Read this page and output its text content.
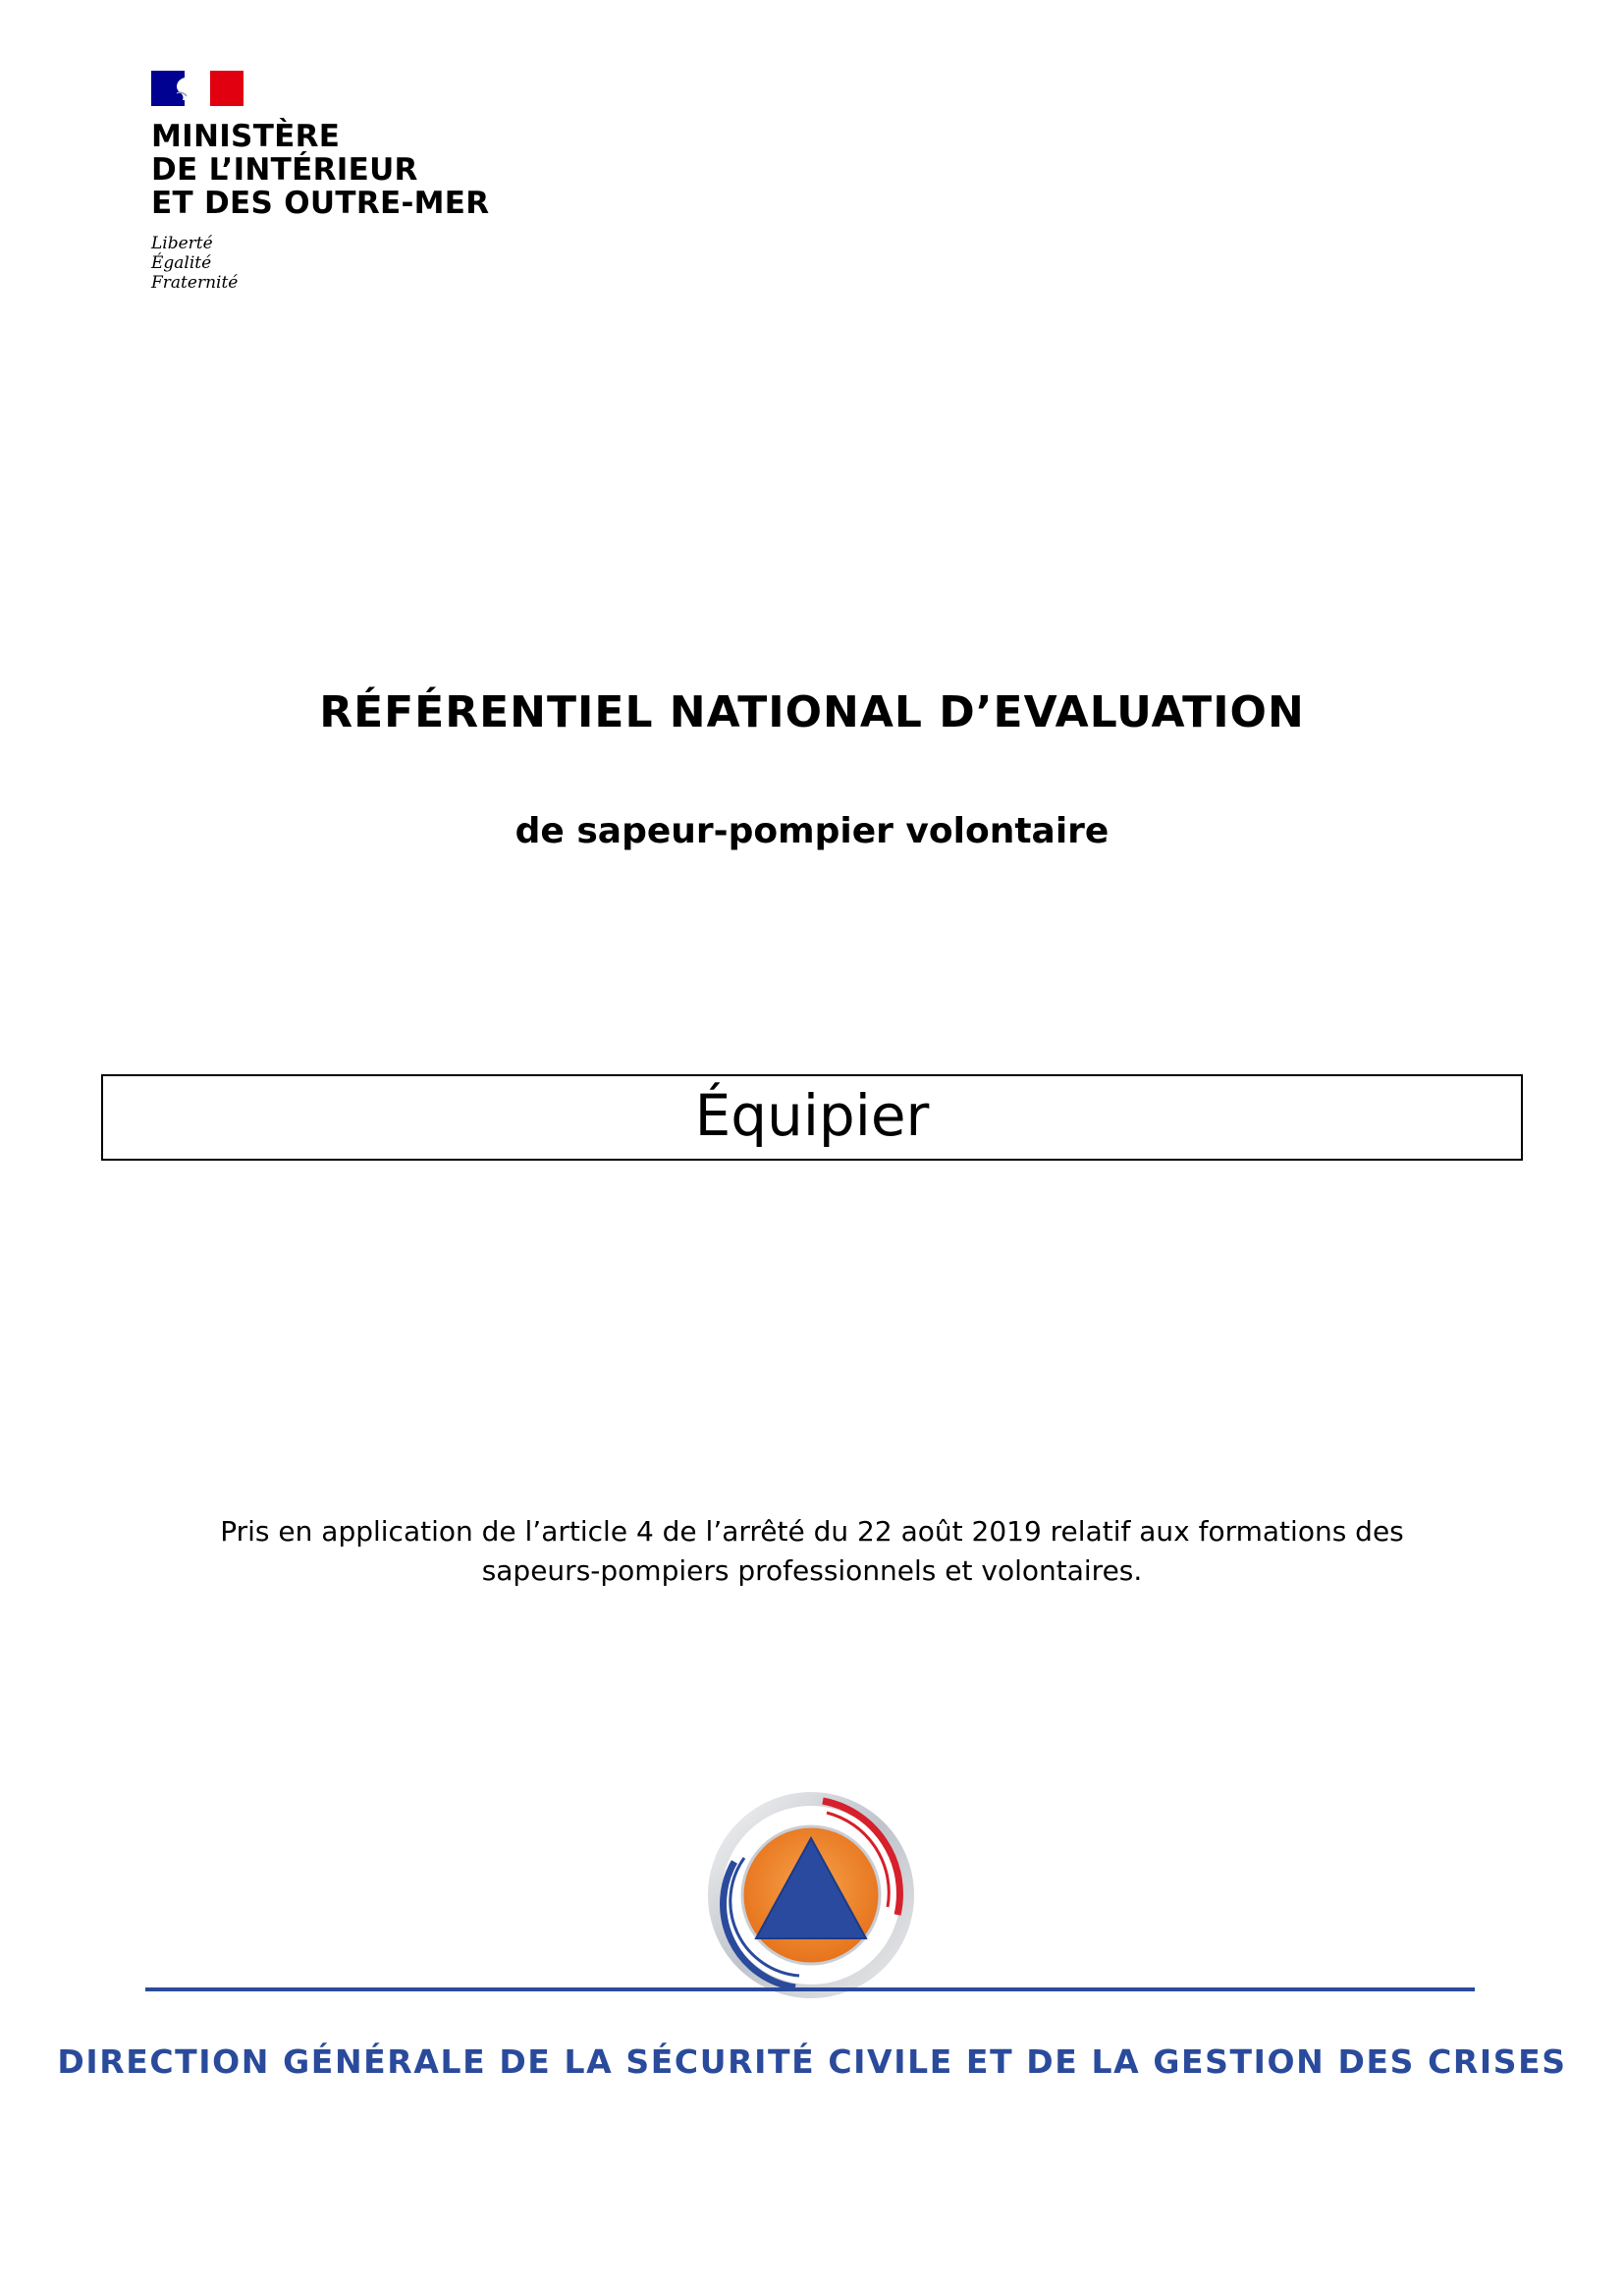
MINISTÈRE
DE L’INTÉRIEUR
ET DES OUTRE-MER
Liberté
Égalité
Fraternité
RÉFÉRENTIEL NATIONAL D’EVALUATION
de sapeur-pompier volontaire
Équipier
Pris en application de l’article 4 de l’arrêté du 22 août 2019 relatif aux formations des
sapeurs-pompiers professionnels et volontaires.
DIRECTION GÉNÉRALE DE LA SÉCURITÉ CIVILE ET DE LA GESTION DES CRISES
